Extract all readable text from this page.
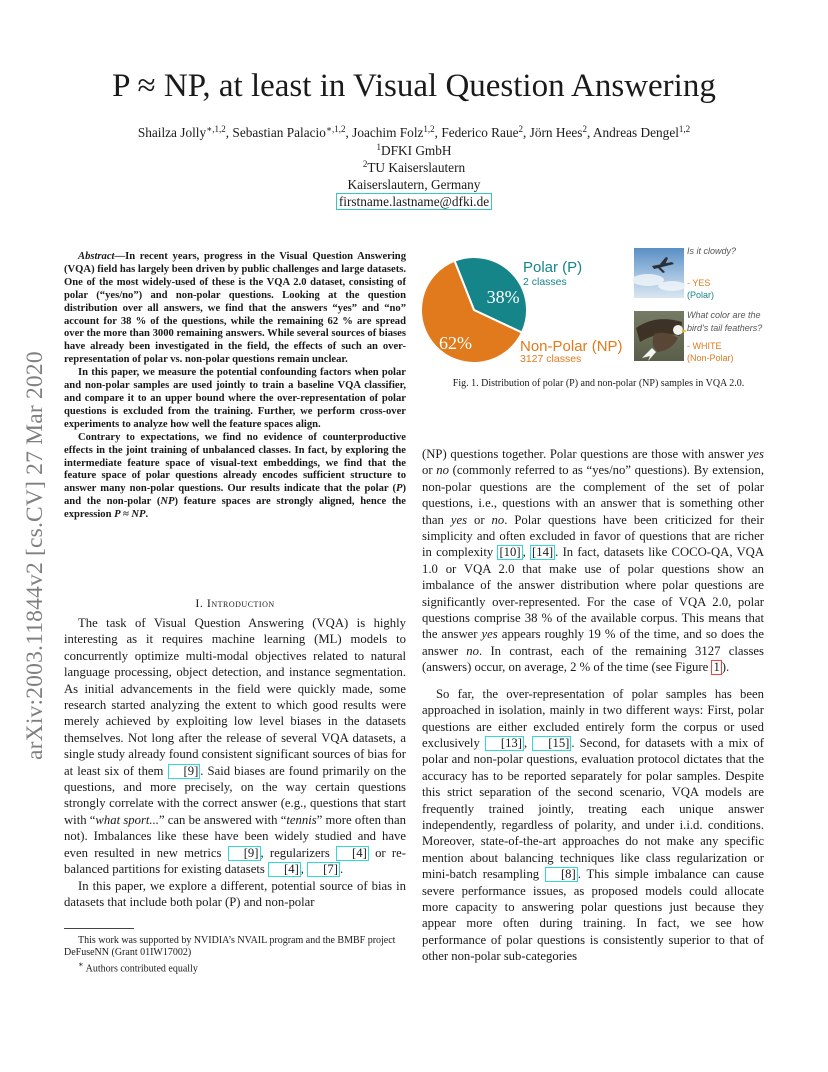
arXiv:2003.11844v2 [cs.CV] 27 Mar 2020
P ≈ NP, at least in Visual Question Answering
Shailza Jolly$^{∗,1,2}$, Sebastian Palacio$^{∗,1,2}$, Joachim Folz$^{1,2}$, Federico Raue$^2$, Jörn Hees$^2$, Andreas Dengel$^{1,2}$
$^1$DFKI GmbH
$^2$TU Kaiserslautern
Kaiserslautern, Germany
firstname.lastname@dfki.de

Abstract—In recent years, progress in the Visual Question Answering (VQA) field has largely been driven by public challenges and large datasets. One of the most widely-used of these is the VQA 2.0 dataset, consisting of polar (“yes/no”) and non-polar questions. Looking at the question distribution over all answers, we find that the answers “yes” and “no” account for 38 % of the questions, while the remaining 62 % are spread over the more than 3000 remaining answers. While several sources of biases have already been investigated in the field, the effects of such an over-representation of polar vs. non-polar questions remain unclear.

In this paper, we measure the potential confounding factors when polar and non-polar samples are used jointly to train a baseline VQA classifier, and compare it to an upper bound where the over-representation of polar questions is excluded from the training. Further, we perform cross-over experiments to analyze how well the feature spaces align.

Contrary to expectations, we find no evidence of counterproductive effects in the joint training of unbalanced classes. In fact, by exploring the intermediate feature space of visual-text embeddings, we find that the feature space of polar questions already encodes sufficient structure to answer many non-polar questions. Our results indicate that the polar (P) and the non-polar (NP) feature spaces are strongly aligned, hence the expression P ≈ NP.

I. Introduction

The task of Visual Question Answering (VQA) is highly interesting as it requires machine learning (ML) models to concurrently optimize multi-modal objectives related to natural language processing, object detection, and instance segmentation. As initial advancements in the field were quickly made, some research started analyzing the extent to which good results were merely achieved by exploiting low level biases in the datasets themselves. Not long after the release of several VQA datasets, a single study already found consistent significant sources of bias for at least six of them [9] . Said biases are found primarily on the questions, and more precisely, on the way certain questions strongly correlate with the correct answer (e.g., questions that start with “what sport...” can be answered with “tennis” more often than not). Imbalances like these have been widely studied and have even resulted in new metrics [9] , regularizers [4] or re-balanced partitions for existing datasets [4] , [7] .

In this paper, we explore a different, potential source of bias in datasets that include both polar (P) and non-polar

This work was supported by NVIDIA’s NVAIL program and the BMBF project DeFuseNN (Grant 01IW17002)

∗ Authors contributed equally

38%
62%
Polar (P)
2 classes
Non-Polar (NP)
3127 classes
Is it clowdy?
- YES
(Polar)
What color are the
bird's tail feathers?
- WHITE
(Non-Polar)
Fig. 1. Distribution of polar (P) and non-polar (NP) samples in VQA 2.0.

(NP) questions together. Polar questions are those with answer yes or no (commonly referred to as “yes/no” questions). By extension, non-polar questions are the complement of the set of polar questions, i.e., questions with an answer that is something other than yes or no. Polar questions have been criticized for their simplicity and often excluded in favor of questions that are richer in complexity [10] , [14] . In fact, datasets like COCO-QA, VQA 1.0 or VQA 2.0 that make use of polar questions show an imbalance of the answer distribution where polar questions are significantly over-represented. For the case of VQA 2.0, polar questions comprise 38 % of the available corpus. This means that the answer yes appears roughly 19 % of the time, and so does the answer no. In contrast, each of the remaining 3127 classes (answers) occur, on average, 2 % of the time (see Figure 1 ).

So far, the over-representation of polar samples has been approached in isolation, mainly in two different ways: First, polar questions are either excluded entirely form the corpus or used exclusively [13] , [15] . Second, for datasets with a mix of polar and non-polar questions, evaluation protocol dictates that the accuracy has to be reported separately for polar samples. Despite this strict separation of the second scenario, VQA models are frequently trained jointly, treating each unique answer independently, regardless of polarity, and under i.i.d. conditions. Moreover, state-of-the-art approaches do not make any specific mention about balancing techniques like class regularization or mini-batch resampling [8] . This simple imbalance can cause severe performance issues, as proposed models could allocate more capacity to answering polar questions just because they appear more often during training. In fact, we see how performance of polar questions is consistently superior to that of other non-polar sub-categories
